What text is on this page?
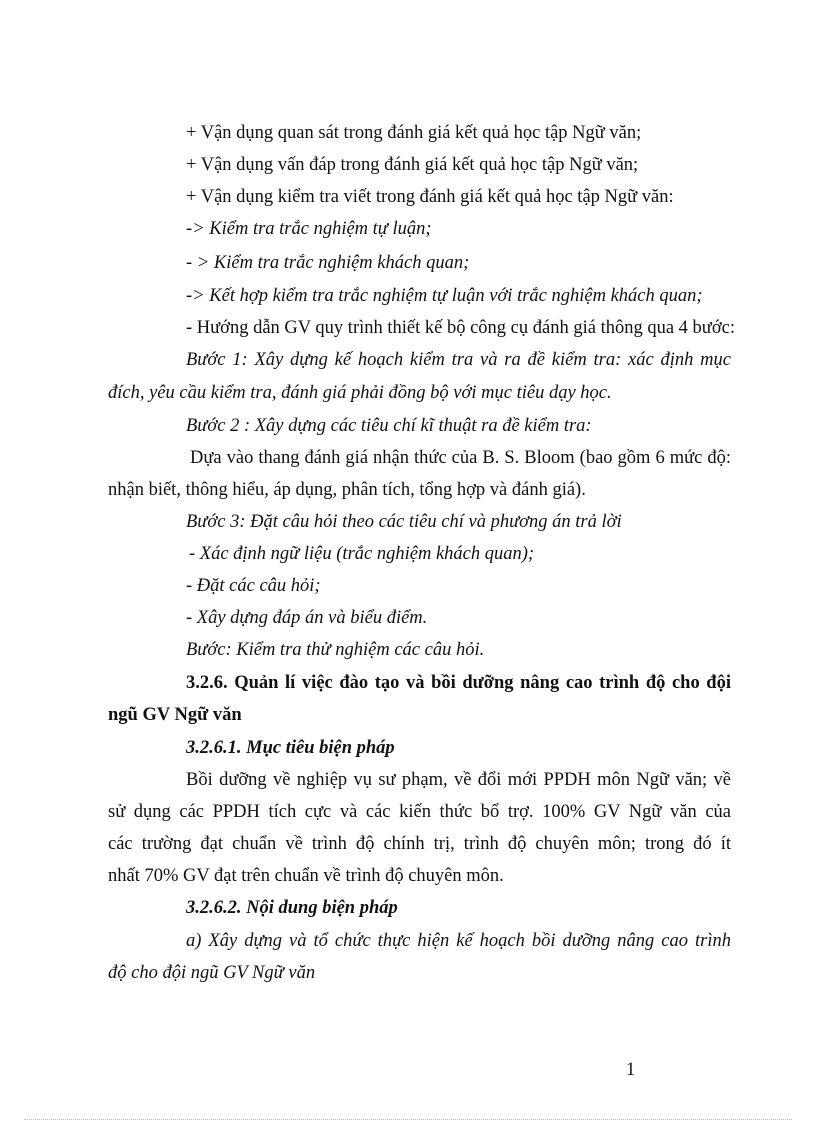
+ Vận dụng quan sát trong đánh giá kết quả học tập Ngữ văn;
+ Vận dụng vấn đáp trong đánh giá kết quả học tập Ngữ văn;
+ Vận dụng kiểm tra viết trong đánh giá kết quả học tập Ngữ văn:
-> Kiểm tra trắc nghiệm tự luận;
- > Kiểm tra trắc nghiệm khách quan;
-> Kết hợp kiểm tra trắc nghiệm tự luận với trắc nghiệm khách quan;
- Hướng dẫn GV quy trình thiết kế bộ công cụ đánh giá thông qua 4 bước:
Bước 1: Xây dựng kế hoạch kiểm tra và ra đề kiểm tra: xác định mục
đích, yêu cầu kiểm tra, đánh giá phải đồng bộ với mục tiêu dạy học.
Bước 2 : Xây dựng các tiêu chí kĩ thuật ra đề kiểm tra:
Dựa vào thang đánh giá nhận thức của B. S. Bloom (bao gồm 6 mức độ:
nhận biết, thông hiểu, áp dụng, phân tích, tổng hợp và đánh giá).
Bước 3: Đặt câu hỏi theo các tiêu chí và phương án trả lời
- Xác định ngữ liệu (trắc nghiệm khách quan);
- Đặt các câu hỏi;
- Xây dựng đáp án và biểu điểm.
Bước: Kiểm tra thử nghiệm các câu hỏi.
3.2.6. Quản lí việc đào tạo và bồi dưỡng nâng cao trình độ cho đội
ngũ GV Ngữ văn
3.2.6.1. Mục tiêu biện pháp
Bồi dưỡng về nghiệp vụ sư phạm, về đổi mới PPDH môn Ngữ văn; về
sử dụng các PPDH tích cực và các kiến thức bổ trợ. 100% GV Ngữ văn của
các trường đạt chuẩn về trình độ chính trị, trình độ chuyên môn; trong đó ít
nhất 70% GV đạt trên chuẩn về trình độ chuyên môn.
3.2.6.2. Nội dung biện pháp
a) Xây dựng và tổ chức thực hiện kế hoạch bồi dưỡng nâng cao trình
độ cho đội ngũ GV Ngữ văn
1
